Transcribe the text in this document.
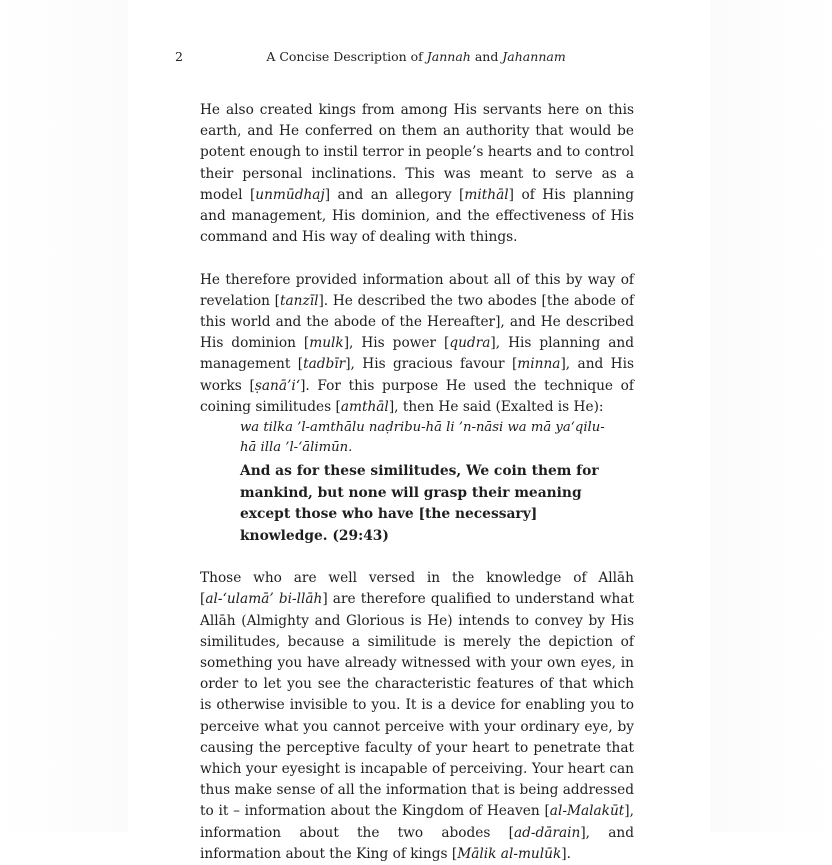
2	A Concise Description of Jannah and Jahannam

He also created kings from among His servants here on this earth, and He conferred on them an authority that would be potent enough to instil terror in people’s hearts and to control their personal inclinations. This was meant to serve as a model [unmūdhaj] and an allegory [mithāl] of His planning and management, His dominion, and the effectiveness of His command and His way of dealing with things.

He therefore provided information about all of this by way of revelation [tanzīl]. He described the two abodes [the abode of this world and the abode of the Hereafter], and He described His dominion [mulk], His power [qudra], His planning and management [tadbīr], His gracious favour [minna], and His works [ṣanā’i‘]. For this purpose He used the technique of coining similitudes [amthāl], then He said (Exalted is He):

wa tilka ’l-amthālu naḍribu-hā li ’n-nāsi wa mā ya‘qilu-hā illa ’l-‘ālimūn.
And as for these similitudes, We coin them for mankind, but none will grasp their meaning except those who have [the necessary] knowledge. (29:43)

Those who are well versed in the knowledge of Allāh [al-‘ulamā’ bi-llāh] are therefore qualified to understand what Allāh (Almighty and Glorious is He) intends to convey by His similitudes, because a similitude is merely the depiction of something you have already witnessed with your own eyes, in order to let you see the characteristic features of that which is otherwise invisible to you. It is a device for enabling you to perceive what you cannot perceive with your ordinary eye, by causing the perceptive faculty of your heart to penetrate that which your eyesight is incapable of perceiving. Your heart can thus make sense of all the information that is being addressed to it – information about the Kingdom of Heaven [al-Malakūt], information about the two abodes [ad-dārain], and information about the King of kings [Mālik al-mulūk].
